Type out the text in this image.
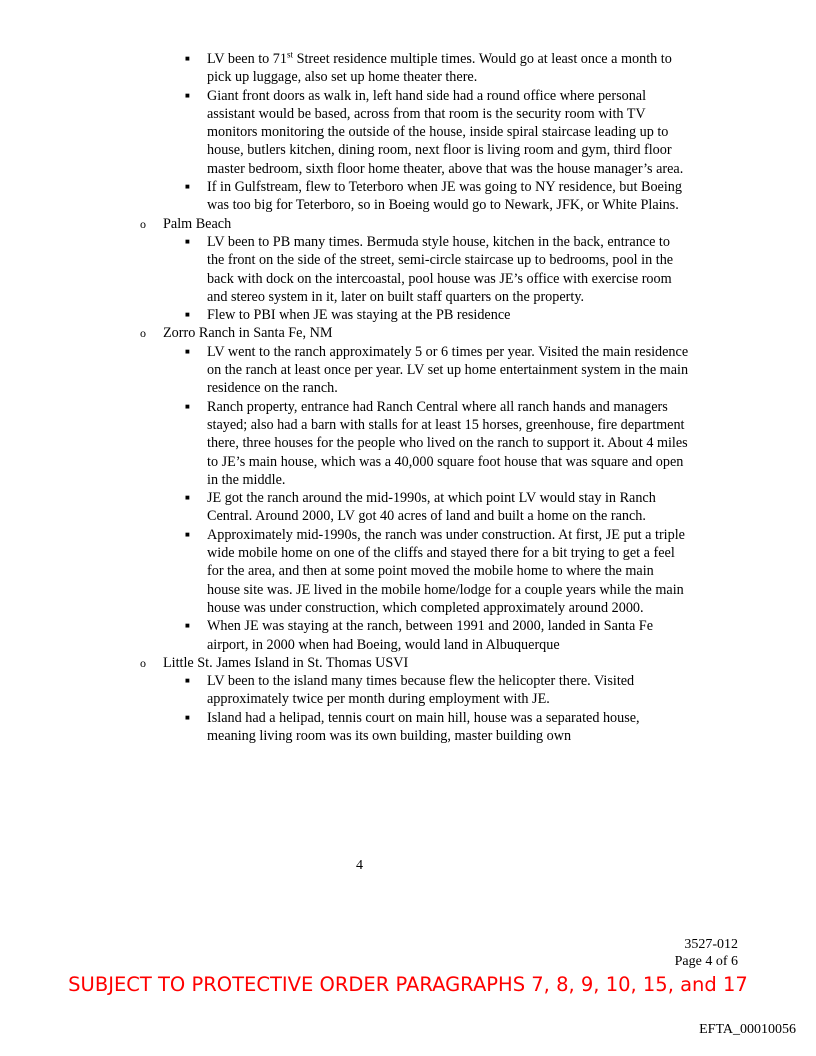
■ LV been to 71st Street residence multiple times. Would go at least once a month to pick up luggage, also set up home theater there.
■ Giant front doors as walk in, left hand side had a round office where personal assistant would be based, across from that room is the security room with TV monitors monitoring the outside of the house, inside spiral staircase leading up to house, butlers kitchen, dining room, next floor is living room and gym, third floor master bedroom, sixth floor home theater, above that was the house manager’s area.
■ If in Gulfstream, flew to Teterboro when JE was going to NY residence, but Boeing was too big for Teterboro, so in Boeing would go to Newark, JFK, or White Plains.
o Palm Beach
■ LV been to PB many times. Bermuda style house, kitchen in the back, entrance to the front on the side of the street, semi-circle staircase up to bedrooms, pool in the back with dock on the intercoastal, pool house was JE’s office with exercise room and stereo system in it, later on built staff quarters on the property.
■ Flew to PBI when JE was staying at the PB residence
o Zorro Ranch in Santa Fe, NM
■ LV went to the ranch approximately 5 or 6 times per year. Visited the main residence on the ranch at least once per year. LV set up home entertainment system in the main residence on the ranch.
■ Ranch property, entrance had Ranch Central where all ranch hands and managers stayed; also had a barn with stalls for at least 15 horses, greenhouse, fire department there, three houses for the people who lived on the ranch to support it. About 4 miles to JE’s main house, which was a 40,000 square foot house that was square and open in the middle.
■ JE got the ranch around the mid-1990s, at which point LV would stay in Ranch Central. Around 2000, LV got 40 acres of land and built a home on the ranch.
■ Approximately mid-1990s, the ranch was under construction. At first, JE put a triple wide mobile home on one of the cliffs and stayed there for a bit trying to get a feel for the area, and then at some point moved the mobile home to where the main house site was. JE lived in the mobile home/lodge for a couple years while the main house was under construction, which completed approximately around 2000.
■ When JE was staying at the ranch, between 1991 and 2000, landed in Santa Fe airport, in 2000 when had Boeing, would land in Albuquerque
o Little St. James Island in St. Thomas USVI
■ LV been to the island many times because flew the helicopter there. Visited approximately twice per month during employment with JE.
■ Island had a helipad, tennis court on main hill, house was a separated house, meaning living room was its own building, master building own
4
3527-012
Page 4 of 6
SUBJECT TO PROTECTIVE ORDER PARAGRAPHS 7, 8, 9, 10, 15, and 17
EFTA_00010056
